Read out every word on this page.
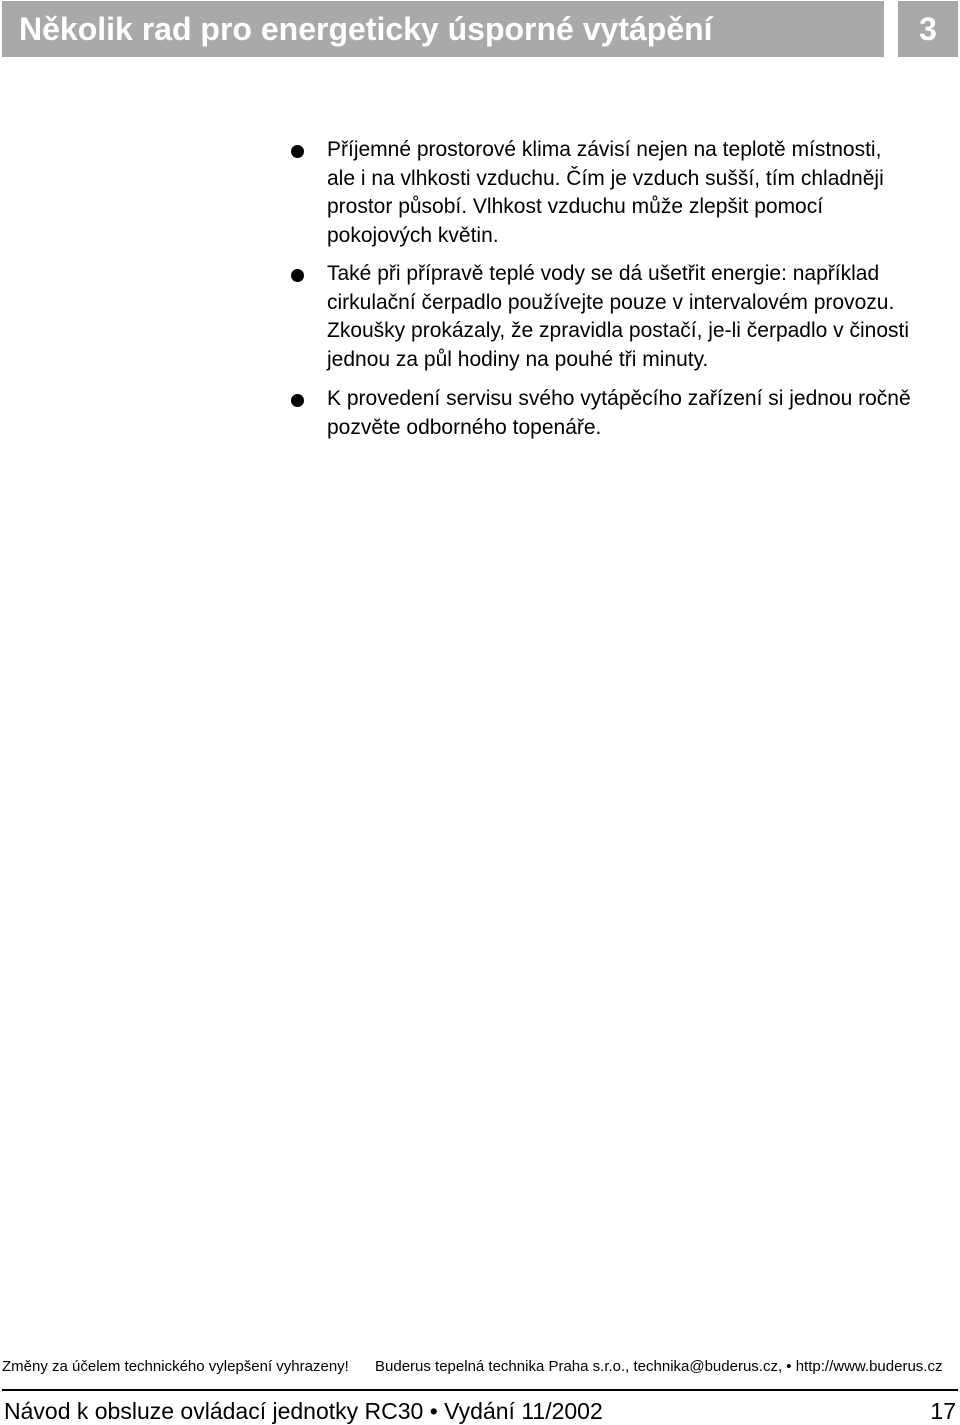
Několik rad pro energeticky úsporné vytápění	3
Příjemné prostorové klima závisí nejen na teplotě místnosti,
ale i na vlhkosti vzduchu. Čím je vzduch sušší, tím chladněji
prostor působí. Vlhkost vzduchu může zlepšit pomocí
pokojových květin.
Také při přípravě teplé vody se dá ušetřit energie: například
cirkulační čerpadlo používejte pouze v intervalovém provozu.
Zkoušky prokázaly, že zpravidla postačí, je-li čerpadlo v činosti
jednou za půl hodiny na pouhé tři minuty.
K provedení servisu svého vytápěcího zařízení si jednou ročně
pozvěte odborného topenáře.
Změny za účelem technického vylepšení vyhrazeny! Buderus tepelná technika Praha s.r.o., technika@buderus.cz, • http://www.buderus.cz
Návod k obsluze ovládací jednotky RC30 • Vydání 11/2002	17
